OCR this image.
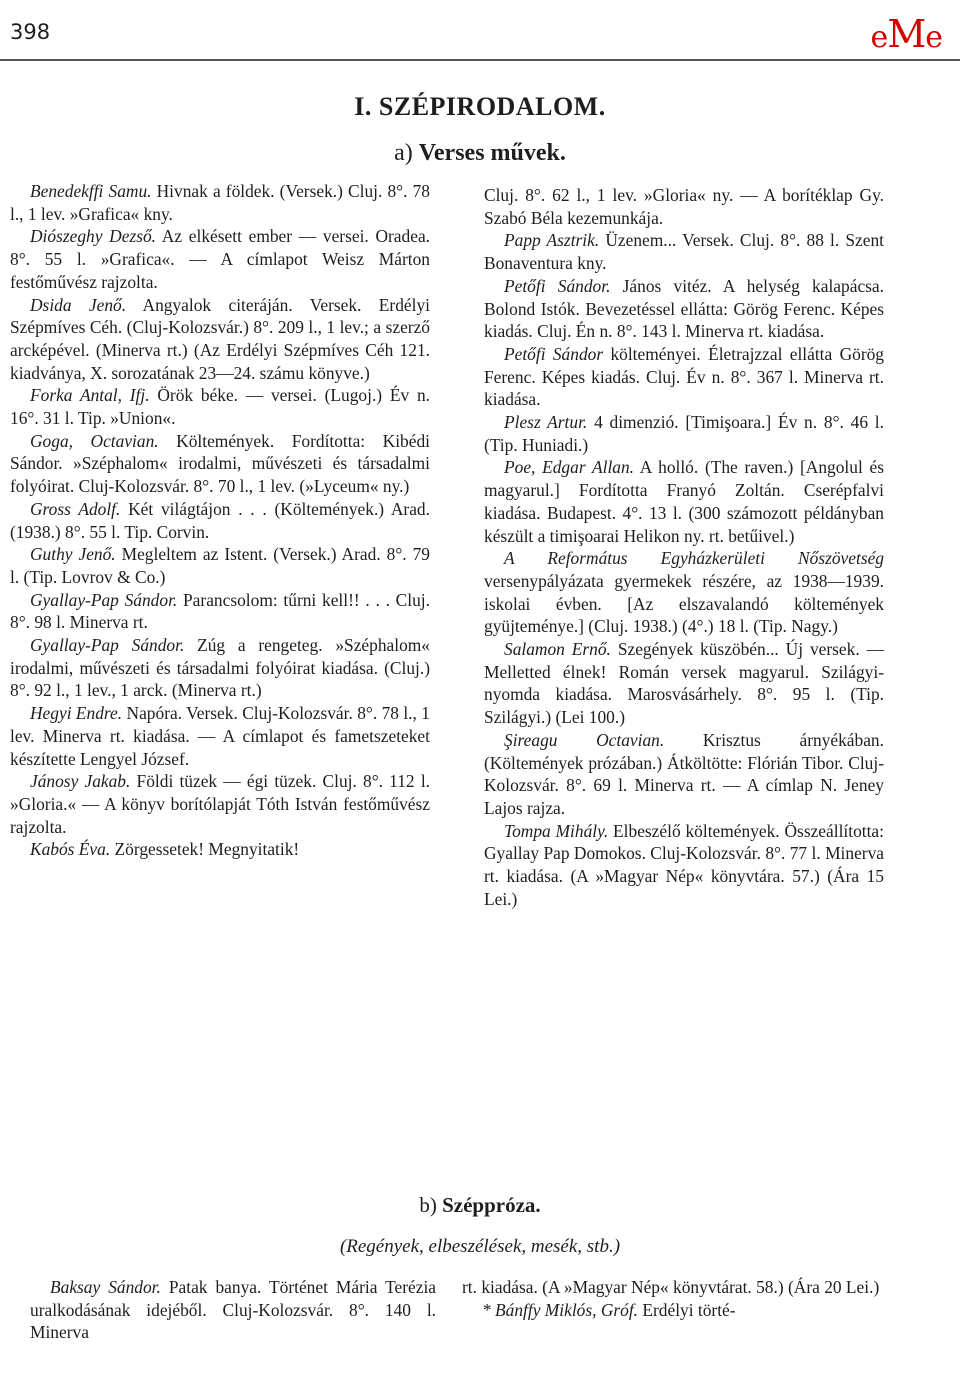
398	eMe
I. SZÉPIRODALOM.
a) Verses művek.

Benedekffi Samu. Hivnak a földek. (Versek.) Cluj. 8°. 78 l., 1 lev. »Grafica« kny.

Diószeghy Dezső. Az elkésett ember — versei. Oradea. 8°. 55 l. »Grafica«. — A címlapot Weisz Márton festőművész rajzolta.

Dsida Jenő. Angyalok citeráján. Versek. Erdélyi Szépmíves Céh. (Cluj-Kolozsvár.) 8°. 209 l., 1 lev.; a szerző arcképével. (Minerva rt.) (Az Erdélyi Szépmíves Céh 121. kiadványa, X. sorozatának 23—24. számu könyve.)

Forka Antal, Ifj. Örök béke. — versei. (Lugoj.) Év n. 16°. 31 l. Tip. »Union«.

Goga, Octavian. Költemények. Fordította: Kibédi Sándor. »Széphalom« irodalmi, művészeti és társadalmi folyóirat. Cluj-Kolozsvár. 8°. 70 l., 1 lev. (»Lyceum« ny.)

Gross Adolf. Két világtájon . . . (Költemények.) Arad. (1938.) 8°. 55 l. Tip. Corvin.

Guthy Jenő. Megleltem az Istent. (Versek.) Arad. 8°. 79 l. (Tip. Lovrov & Co.)

Gyallay-Pap Sándor. Parancsolom: tűrni kell!! . . . Cluj. 8°. 98 l. Minerva rt.

Gyallay-Pap Sándor. Zúg a rengeteg. »Széphalom« irodalmi, művészeti és társadalmi folyóirat kiadása. (Cluj.) 8°. 92 l., 1 lev., 1 arck. (Minerva rt.)

Hegyi Endre. Napóra. Versek. Cluj-Kolozsvár. 8°. 78 l., 1 lev. Minerva rt. kiadása. — A címlapot és fametszeteket készítette Lengyel József.

Jánosy Jakab. Földi tüzek — égi tüzek. Cluj. 8°. 112 l. »Gloria.« — A könyv borítólapját Tóth István festőművész rajzolta.

Kabós Éva. Zörgessetek! Megnyitatik!

Cluj. 8°. 62 l., 1 lev. »Gloria« ny. — A borítéklap Gy. Szabó Béla kezemunkája.

Papp Asztrik. Üzenem... Versek. Cluj. 8°. 88 l. Szent Bonaventura kny.

Petőfi Sándor. János vitéz. A helység kalapácsa. Bolond Istók. Bevezetéssel ellátta: Görög Ferenc. Képes kiadás. Cluj. Én n. 8°. 143 l. Minerva rt. kiadása.

Petőfi Sándor költeményei. Életrajzzal ellátta Görög Ferenc. Képes kiadás. Cluj. Év n. 8°. 367 l. Minerva rt. kiadása.

Plesz Artur. 4 dimenzió. [Timişoara.] Év n. 8°. 46 l. (Tip. Huniadi.)

Poe, Edgar Allan. A holló. (The raven.) [Angolul és magyarul.] Fordította Franyó Zoltán. Cserépfalvi kiadása. Budapest. 4°. 13 l. (300 számozott példányban készült a timişoarai Helikon ny. rt. betűivel.)

A Református Egyházkerületi Nőszövetség versenypályázata gyermekek részére, az 1938—1939. iskolai évben. [Az elszavalandó költemények gyüjteménye.] (Cluj. 1938.) (4°.) 18 l. (Tip. Nagy.)

Salamon Ernő. Szegények küszöbén... Új versek. — Melletted élnek! Román versek magyarul. Szilágyi-nyomda kiadása. Marosvásárhely. 8°. 95 l. (Tip. Szilágyi.) (Lei 100.)

Şireagu Octavian. Krisztus árnyékában. (Költemények prózában.) Átköltötte: Flórián Tibor. Cluj-Kolozsvár. 8°. 69 l. Minerva rt. — A címlap N. Jeney Lajos rajza.

Tompa Mihály. Elbeszélő költemények. Összeállította: Gyallay Pap Domokos. Cluj-Kolozsvár. 8°. 77 l. Minerva rt. kiadása. (A »Magyar Nép« könyvtára. 57.) (Ára 15 Lei.)

b) Széppróza.
(Regények, elbeszélések, mesék, stb.)

Baksay Sándor. Patak banya. Történet Mária Terézia uralkodásának idejéből. Cluj-Kolozsvár. 8°. 140 l. Minerva

rt. kiadása. (A »Magyar Nép« könyvtárat. 58.) (Ára 20 Lei.)

* Bánffy Miklós, Gróf. Erdélyi törté-
